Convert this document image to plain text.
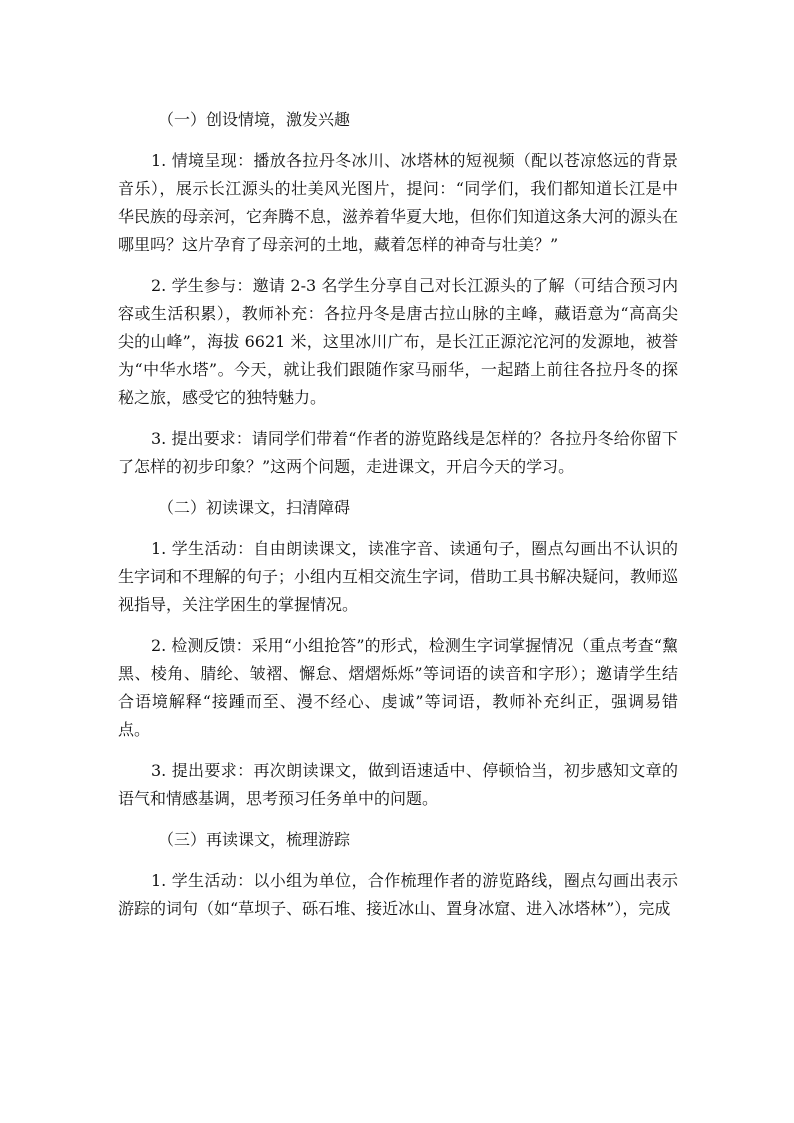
（一）创设情境，激发兴趣

1. 情境呈现：播放各拉丹冬冰川、冰塔林的短视频（配以苍凉悠远的背景音乐），展示长江源头的壮美风光图片，提问：“同学们，我们都知道长江是中华民族的母亲河，它奔腾不息，滋养着华夏大地，但你们知道这条大河的源头在哪里吗？这片孕育了母亲河的土地，藏着怎样的神奇与壮美？”

2. 学生参与：邀请 2-3 名学生分享自己对长江源头的了解（可结合预习内容或生活积累），教师补充：各拉丹冬是唐古拉山脉的主峰，藏语意为“高高尖尖的山峰”，海拔 6621 米，这里冰川广布，是长江正源沱沱河的发源地，被誉为“中华水塔”。今天，就让我们跟随作家马丽华，一起踏上前往各拉丹冬的探秘之旅，感受它的独特魅力。

3. 提出要求：请同学们带着“作者的游览路线是怎样的？各拉丹冬给你留下了怎样的初步印象？”这两个问题，走进课文，开启今天的学习。

（二）初读课文，扫清障碍

1. 学生活动：自由朗读课文，读准字音、读通句子，圈点勾画出不认识的生字词和不理解的句子；小组内互相交流生字词，借助工具书解决疑问，教师巡视指导，关注学困生的掌握情况。

2. 检测反馈：采用“小组抢答”的形式，检测生字词掌握情况（重点考查“黧黑、棱角、腈纶、皱褶、懈怠、熠熠烁烁”等词语的读音和字形）；邀请学生结合语境解释“接踵而至、漫不经心、虔诚”等词语，教师补充纠正，强调易错点。

3. 提出要求：再次朗读课文，做到语速适中、停顿恰当，初步感知文章的语气和情感基调，思考预习任务单中的问题。

（三）再读课文，梳理游踪

1. 学生活动：以小组为单位，合作梳理作者的游览路线，圈点勾画出表示游踪的词句（如“草坝子、砾石堆、接近冰山、置身冰窟、进入冰塔林”），完成
